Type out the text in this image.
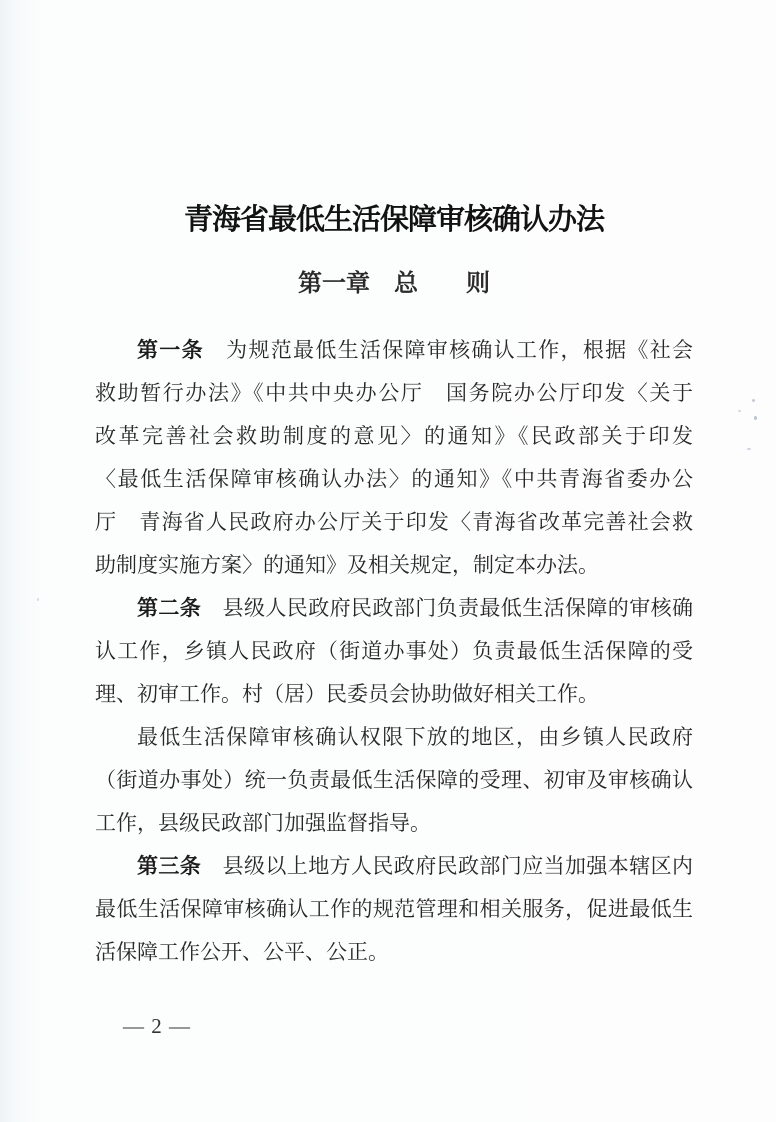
青海省最低生活保障审核确认办法
第一章　总　　则
第一条　为规范最低生活保障审核确认工作，根据《社会
救助暂行办法》《中共中央办公厅　国务院办公厅印发〈关于
改革完善社会救助制度的意见〉的通知》《民政部关于印发
〈最低生活保障审核确认办法〉的通知》《中共青海省委办公
厅　青海省人民政府办公厅关于印发〈青海省改革完善社会救
助制度实施方案〉的通知》及相关规定，制定本办法。
第二条　县级人民政府民政部门负责最低生活保障的审核确
认工作，乡镇人民政府（街道办事处）负责最低生活保障的受
理、初审工作。村（居）民委员会协助做好相关工作。
最低生活保障审核确认权限下放的地区，由乡镇人民政府
（街道办事处）统一负责最低生活保障的受理、初审及审核确认
工作，县级民政部门加强监督指导。
第三条　县级以上地方人民政府民政部门应当加强本辖区内
最低生活保障审核确认工作的规范管理和相关服务，促进最低生
活保障工作公开、公平、公正。
— 2 —
